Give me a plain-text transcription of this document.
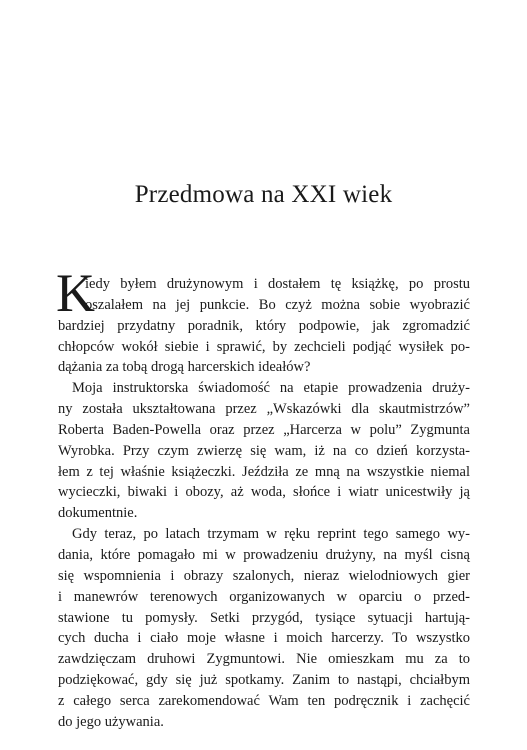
Przedmowa na XXI wiek
K
iedy byłem drużynowym i dostałem tę książkę, po prostu
oszalałem na jej punkcie. Bo czyż można sobie wyobrazić
bardziej przydatny poradnik, który podpowie, jak zgromadzić
chłopców wokół siebie i sprawić, by zechcieli podjąć wysiłek po-
dążania za tobą drogą harcerskich ideałów?
Moja instruktorska świadomość na etapie prowadzenia druży-
ny została ukształtowana przez „Wskazówki dla skautmistrzów”
Roberta Baden-Powella oraz przez „Harcerza w polu” Zygmunta
Wyrobka. Przy czym zwierzę się wam, iż na co dzień korzysta-
łem z tej właśnie książeczki. Jeździła ze mną na wszystkie niemal
wycieczki, biwaki i obozy, aż woda, słońce i wiatr unicestwiły ją
dokumentnie.
Gdy teraz, po latach trzymam w ręku reprint tego samego wy-
dania, które pomagało mi w prowadzeniu drużyny, na myśl cisną
się wspomnienia i obrazy szalonych, nieraz wielodniowych gier
i manewrów terenowych organizowanych w oparciu o przed-
stawione tu pomysły. Setki przygód, tysiące sytuacji hartują-
cych ducha i ciało moje własne i moich harcerzy. To wszystko
zawdzięczam druhowi Zygmuntowi. Nie omieszkam mu za to
podziękować, gdy się już spotkamy. Zanim to nastąpi, chciałbym
z całego serca zarekomendować Wam ten podręcznik i zachęcić
do jego używania.
